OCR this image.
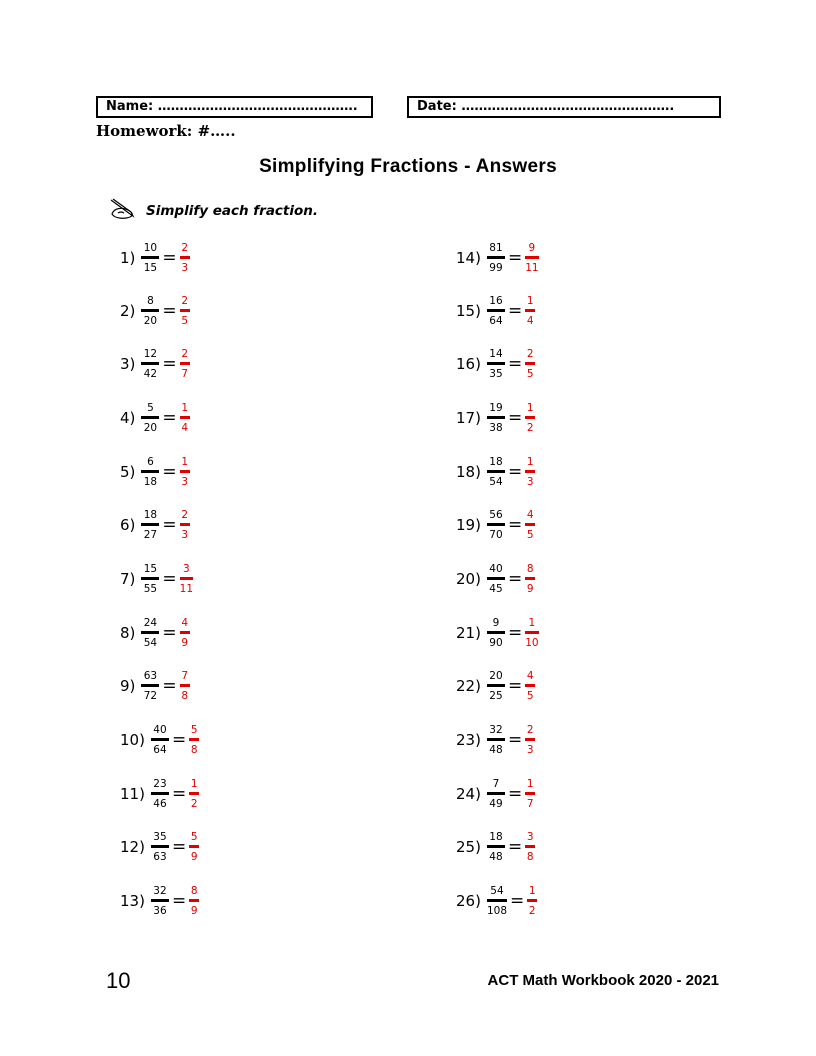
Name: ……………………………………….	Date: ………………………………………….
Homework: #…..
Simplifying Fractions - Answers
Simplify each fraction.
$1) \frac{10}{15} = \frac{2}{3}$
$2) \frac{8}{20} = \frac{2}{5}$
$3) \frac{12}{42} = \frac{2}{7}$
$4) \frac{5}{20} = \frac{1}{4}$
$5) \frac{6}{18} = \frac{1}{3}$
$6) \frac{18}{27} = \frac{2}{3}$
$7) \frac{15}{55} = \frac{3}{11}$
$8) \frac{24}{54} = \frac{4}{9}$
$9) \frac{63}{72} = \frac{7}{8}$
$10) \frac{40}{64} = \frac{5}{8}$
$11) \frac{23}{46} = \frac{1}{2}$
$12) \frac{35}{63} = \frac{5}{9}$
$13) \frac{32}{36} = \frac{8}{9}$
$14) \frac{81}{99} = \frac{9}{11}$
$15) \frac{16}{64} = \frac{1}{4}$
$16) \frac{14}{35} = \frac{2}{5}$
$17) \frac{19}{38} = \frac{1}{2}$
$18) \frac{18}{54} = \frac{1}{3}$
$19) \frac{56}{70} = \frac{4}{5}$
$20) \frac{40}{45} = \frac{8}{9}$
$21) \frac{9}{90} = \frac{1}{10}$
$22) \frac{20}{25} = \frac{4}{5}$
$23) \frac{32}{48} = \frac{2}{3}$
$24) \frac{7}{49} = \frac{1}{7}$
$25) \frac{18}{48} = \frac{3}{8}$
$26) \frac{54}{108} = \frac{1}{2}$
10	ACT Math Workbook 2020 - 2021
